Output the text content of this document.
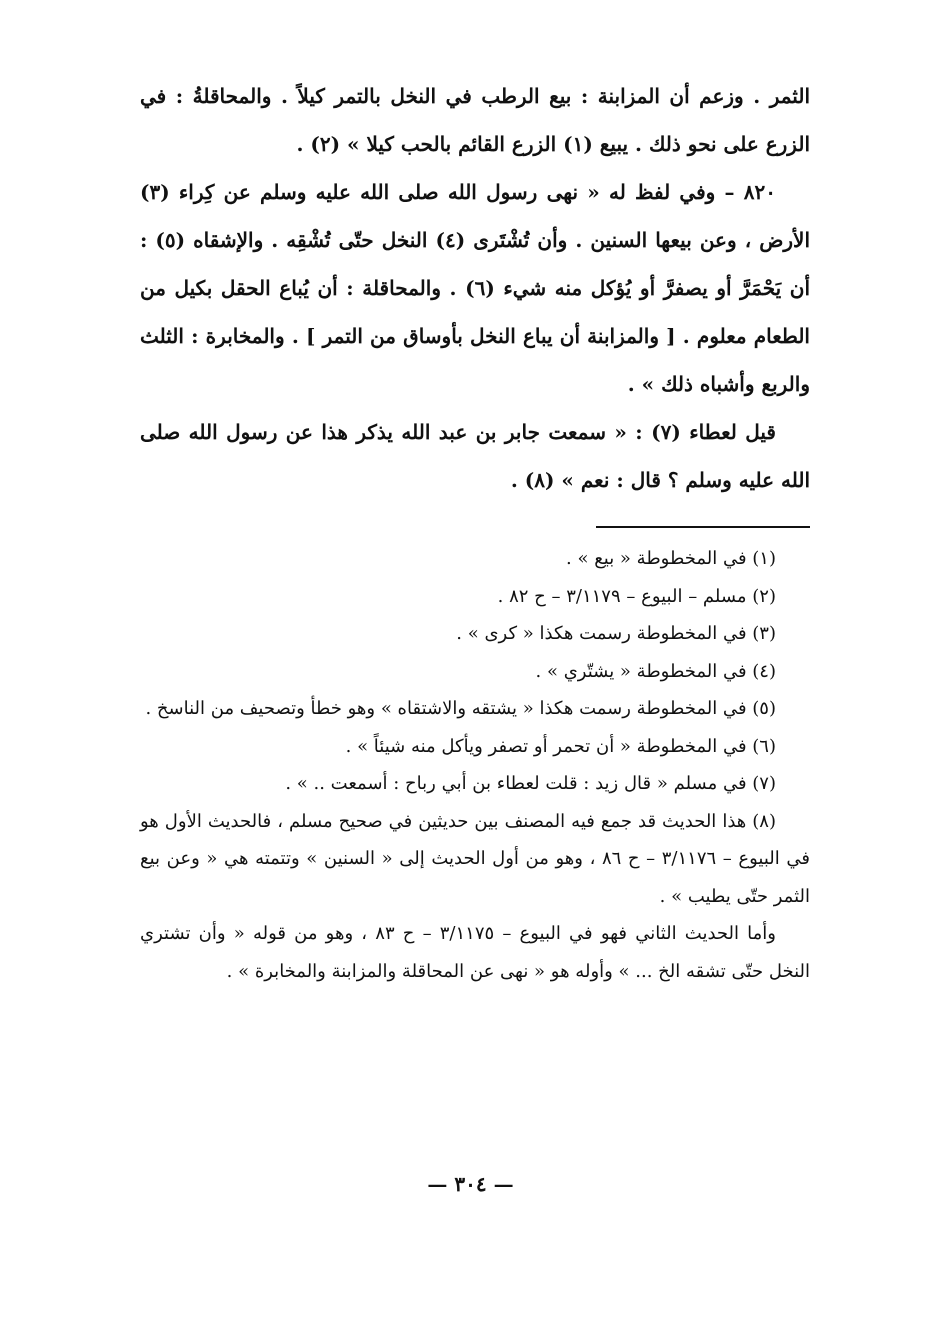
الثمر . وزعم أن المزابنة : بيع الرطب في النخل بالتمر كيلاً . والمحاقلةُ : في الزرع على نحو ذلك . يبيع (١) الزرع القائم بالحب كيلا » (٢) .

٨٢٠ – وفي لفظ له « نهى رسول الله صلى الله عليه وسلم عن كِراء (٣) الأرض ، وعن بيعها السنين . وأن تُشْتَرى (٤) النخل حتّى تُشْقِه . والإشقاه (٥) : أن يَحْمَرَّ أو يصفرَّ أو يُؤكل منه شيء (٦) . والمحاقلة : أن يُباع الحقل بكيل من الطعام معلوم . [ والمزابنة أن يباع النخل بأوساق من التمر ] . والمخابرة : الثلث والربع وأشباه ذلك » .

قيل لعطاء (٧) : « سمعت جابر بن عبد الله يذكر هذا عن رسول الله صلى الله عليه وسلم ؟ قال : نعم » (٨) .

(١) في المخطوطة « بيع » .

(٢) مسلم – البيوع – ٣/١١٧٩ – ح ٨٢ .

(٣) في المخطوطة رسمت هكذا « كرى » .

(٤) في المخطوطة « يشتّري » .

(٥) في المخطوطة رسمت هكذا « يشتقه والاشتقاه » وهو خطأ وتصحيف من الناسخ .

(٦) في المخطوطة « أن تحمر أو تصفر ويأكل منه شيئاً » .

(٧) في مسلم « قال زيد : قلت لعطاء بن أبي رباح : أسمعت .. » .

(٨) هذا الحديث قد جمع فيه المصنف بين حديثين في صحيح مسلم ، فالحديث الأول هو في البيوع – ٣/١١٧٦ – ح ٨٦ ، وهو من أول الحديث إلى « السنين » وتتمته هي « وعن بيع الثمر حتّى يطيب » .

وأما الحديث الثاني فهو في البيوع – ٣/١١٧٥ – ح ٨٣ ، وهو من قوله « وأن تشتري النخل حتّى تشقه الخ ... » وأوله هو « نهى عن المحاقلة والمزابنة والمخابرة » .

— ٣٠٤ —
